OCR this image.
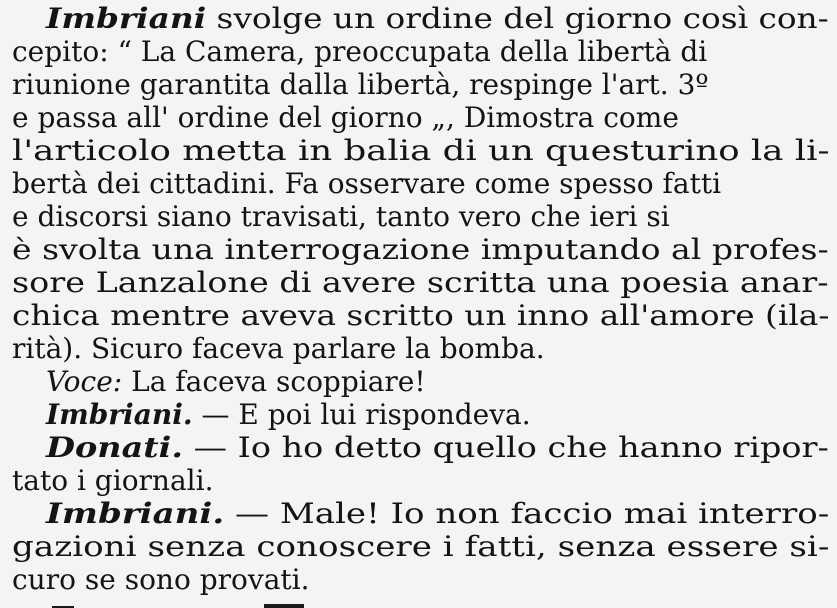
Imbriani svolge un ordine del giorno così con-
cepito: “ La Camera, preoccupata della libertà di
riunione garantita dalla libertà, respinge l'art. 3º
e passa all' ordine del giorno „, Dimostra come
l'articolo metta in balia di un questurino la li-
bertà dei cittadini. Fa osservare come spesso fatti
e discorsi siano travisati, tanto vero che ieri si
è svolta una interrogazione imputando al profes-
sore Lanzalone di avere scritta una poesia anar-
chica mentre aveva scritto un inno all'amore (ila-
rità). Sicuro faceva parlare la bomba.
Voce: La faceva scoppiare!
Imbriani. — E poi lui rispondeva.
Donati. — Io ho detto quello che hanno ripor-
tato i giornali.
Imbriani. — Male! Io non faccio mai interro-
gazioni senza conoscere i fatti, senza essere si-
curo se sono provati.
